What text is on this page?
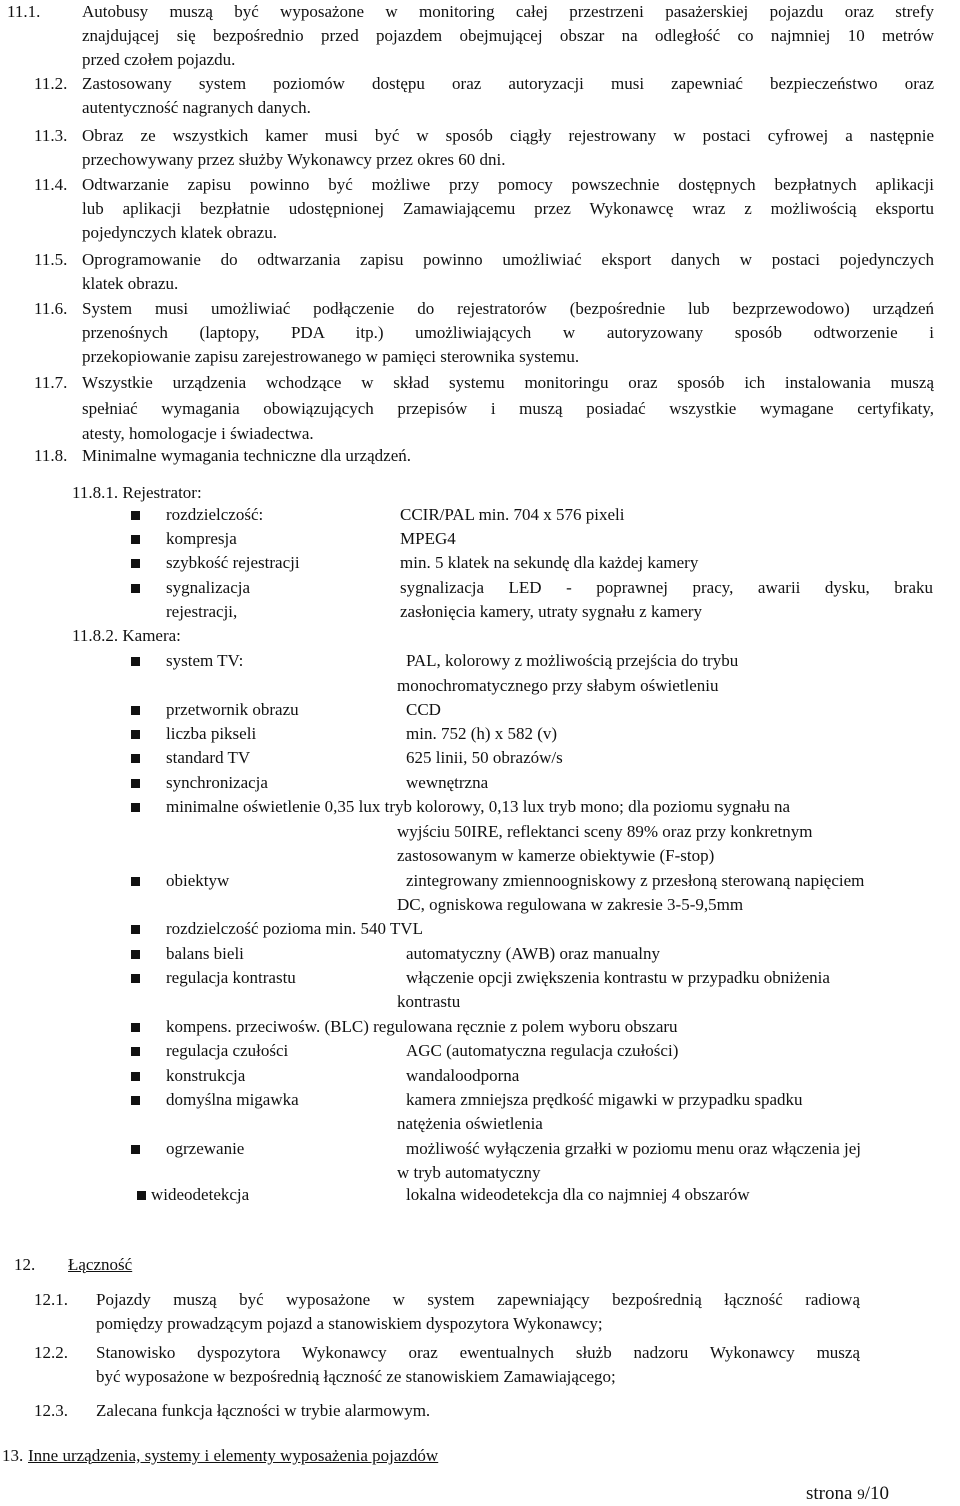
11.1. Autobusy muszą być wyposażone w monitoring całej przestrzeni pasażerskiej pojazdu oraz strefy
znajdującej się bezpośrednio przed pojazdem obejmującej obszar na odległość co najmniej 10 metrów
przed czołem pojazdu.
11.2. Zastosowany system poziomów dostępu oraz autoryzacji musi zapewniać bezpieczeństwo oraz
autentyczność nagranych danych.
11.3. Obraz ze wszystkich kamer musi być w sposób ciągły rejestrowany w postaci cyfrowej a następnie
przechowywany przez służby Wykonawcy przez okres 60 dni.
11.4. Odtwarzanie zapisu powinno być możliwe przy pomocy powszechnie dostępnych bezpłatnych aplikacji
lub aplikacji bezpłatnie udostępnionej Zamawiającemu przez Wykonawcę wraz z możliwością eksportu
pojedynczych klatek obrazu.
11.5. Oprogramowanie do odtwarzania zapisu powinno umożliwiać eksport danych w postaci pojedynczych
klatek obrazu.
11.6. System musi umożliwiać podłączenie do rejestratorów (bezpośrednie lub bezprzewodowo) urządzeń
przenośnych (laptopy, PDA itp.) umożliwiających w autoryzowany sposób odtworzenie i
przekopiowanie zapisu zarejestrowanego w pamięci sterownika systemu.
11.7. Wszystkie urządzenia wchodzące w skład systemu monitoringu oraz sposób ich instalowania muszą
spełniać wymagania obowiązujących przepisów i muszą posiadać wszystkie wymagane certyfikaty,
atesty, homologacje i świadectwa.
11.8. Minimalne wymagania techniczne dla urządzeń.
11.8.1. Rejestrator:
rozdzielczość:	CCIR/PAL min. 704 x 576 pixeli
kompresja	MPEG4
szybkość rejestracji	min. 5 klatek na sekundę dla każdej kamery
sygnalizacja	sygnalizacja LED - poprawnej pracy, awarii dysku, braku
rejestracji,	zasłonięcia kamery, utraty sygnału z kamery
11.8.2. Kamera:
system TV:	PAL, kolorowy z możliwością przejścia do trybu
monochromatycznego przy słabym oświetleniu
przetwornik obrazu	CCD
liczba pikseli	min. 752 (h) x 582 (v)
standard TV	625 linii, 50 obrazów/s
synchronizacja	wewnętrzna
minimalne oświetlenie 0,35 lux tryb kolorowy, 0,13 lux tryb mono; dla poziomu sygnału na
wyjściu 50IRE, reflektanci sceny 89% oraz przy konkretnym
zastosowanym w kamerze obiektywie (F-stop)
obiektyw	zintegrowany zmiennoogniskowy z przesłoną sterowaną napięciem
DC, ogniskowa regulowana w zakresie 3-5-9,5mm
rozdzielczość pozioma min. 540 TVL
balans bieli	automatyczny (AWB) oraz manualny
regulacja kontrastu	włączenie opcji zwiększenia kontrastu w przypadku obniżenia
kontrastu
kompens. przeciwośw. (BLC) regulowana ręcznie z polem wyboru obszaru
regulacja czułości	AGC (automatyczna regulacja czułości)
konstrukcja	wandaloodporna
domyślna migawka	kamera zmniejsza prędkość migawki w przypadku spadku
natężenia oświetlenia
ogrzewanie	możliwość wyłączenia grzałki w poziomu menu oraz włączenia jej
w tryb automatyczny
wideodetekcja	lokalna wideodetekcja dla co najmniej 4 obszarów
12. Łączność
12.1. Pojazdy muszą być wyposażone w system zapewniający bezpośrednią łączność radiową
pomiędzy prowadzącym pojazd a stanowiskiem dyspozytora Wykonawcy;
12.2. Stanowisko dyspozytora Wykonawcy oraz ewentualnych służb nadzoru Wykonawcy muszą
być wyposażone w bezpośrednią łączność ze stanowiskiem Zamawiającego;
12.3. Zalecana funkcja łączności w trybie alarmowym.
13. Inne urządzenia, systemy i elementy wyposażenia pojazdów
strona 9/10
